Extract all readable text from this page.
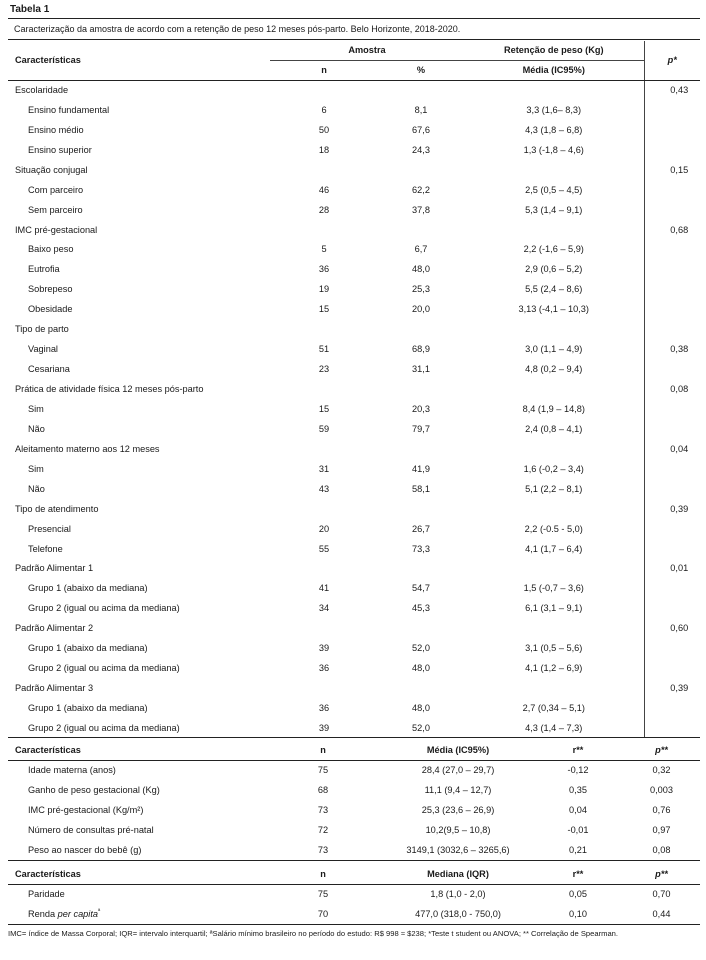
Tabela 1
Caracterização da amostra de acordo com a retenção de peso 12 meses pós-parto. Belo Horizonte, 2018-2020.
Características	Amostra		Retenção de peso (Kg)	p*
	n	%	Média (IC95%)	
Escolaridade				0,43
Ensino fundamental	6	8,1	3,3 (1,6– 8,3)	
Ensino médio	50	67,6	4,3 (1,8 – 6,8)	
Ensino superior	18	24,3	1,3 (-1,8 – 4,6)	
Situação conjugal				0,15
Com parceiro	46	62,2	2,5 (0,5 – 4,5)	
Sem parceiro	28	37,8	5,3 (1,4 – 9,1)	
IMC pré-gestacional				0,68
Baixo peso	5	6,7	2,2 (-1,6 – 5,9)	
Eutrofia	36	48,0	2,9 (0,6 – 5,2)	
Sobrepeso	19	25,3	5,5 (2,4 – 8,6)	
Obesidade	15	20,0	3,13 (-4,1 – 10,3)	
Tipo de parto				
Vaginal	51	68,9	3,0 (1,1 – 4,9)	0,38
Cesariana	23	31,1	4,8 (0,2 – 9,4)	
Prática de atividade física 12 meses pós-parto				0,08
Sim	15	20,3	8,4 (1,9 – 14,8)	
Não	59	79,7	2,4 (0,8 – 4,1)	
Aleitamento materno aos 12 meses				0,04
Sim	31	41,9	1,6 (-0,2 – 3,4)	
Não	43	58,1	5,1 (2,2 – 8,1)	
Tipo de atendimento				0,39
Presencial	20	26,7	2,2 (-0.5 - 5,0)	
Telefone	55	73,3	4,1 (1,7 – 6,4)	
Padrão Alimentar 1				0,01
Grupo 1 (abaixo da mediana)	41	54,7	1,5 (-0,7 – 3,6)	
Grupo 2 (igual ou acima da mediana)	34	45,3	6,1 (3,1 – 9,1)	
Padrão Alimentar 2				0,60
Grupo 1 (abaixo da mediana)	39	52,0	3,1 (0,5 – 5,6)	
Grupo 2 (igual ou acima da mediana)	36	48,0	4,1 (1,2 – 6,9)	
Padrão Alimentar 3				0,39
Grupo 1 (abaixo da mediana)	36	48,0	2,7 (0,34 – 5,1)	
Grupo 2 (igual ou acima da mediana)	39	52,0	4,3 (1,4 – 7,3)	
Características	n	Média (IC95%)	r**	p**
Idade materna (anos)	75	28,4 (27,0 – 29,7)	-0,12	0,32
Ganho de peso gestacional (Kg)	68	11,1 (9,4 – 12,7)	0,35	0,003
IMC pré-gestacional (Kg/m²)	73	25,3 (23,6 – 26,9)	0,04	0,76
Número de consultas pré-natal	72	10,2(9,5 – 10,8)	-0,01	0,97
Peso ao nascer do bebê (g)	73	3149,1 (3032,6 – 3265,6)	0,21	0,08
Características	n	Mediana (IQR)	r**	p**
Paridade	75	1,8 (1,0 - 2,0)	0,05	0,70
Renda per capita$^ª$	70	477,0 (318,0 - 750,0)	0,10	0,44
IMC= índice de Massa Corporal; IQR= intervalo interquartil; ªSalário mínimo brasileiro no período do estudo: R$ 998 ≈ $238; *Teste t student ou ANOVA; ** Correlação de Spearman.
